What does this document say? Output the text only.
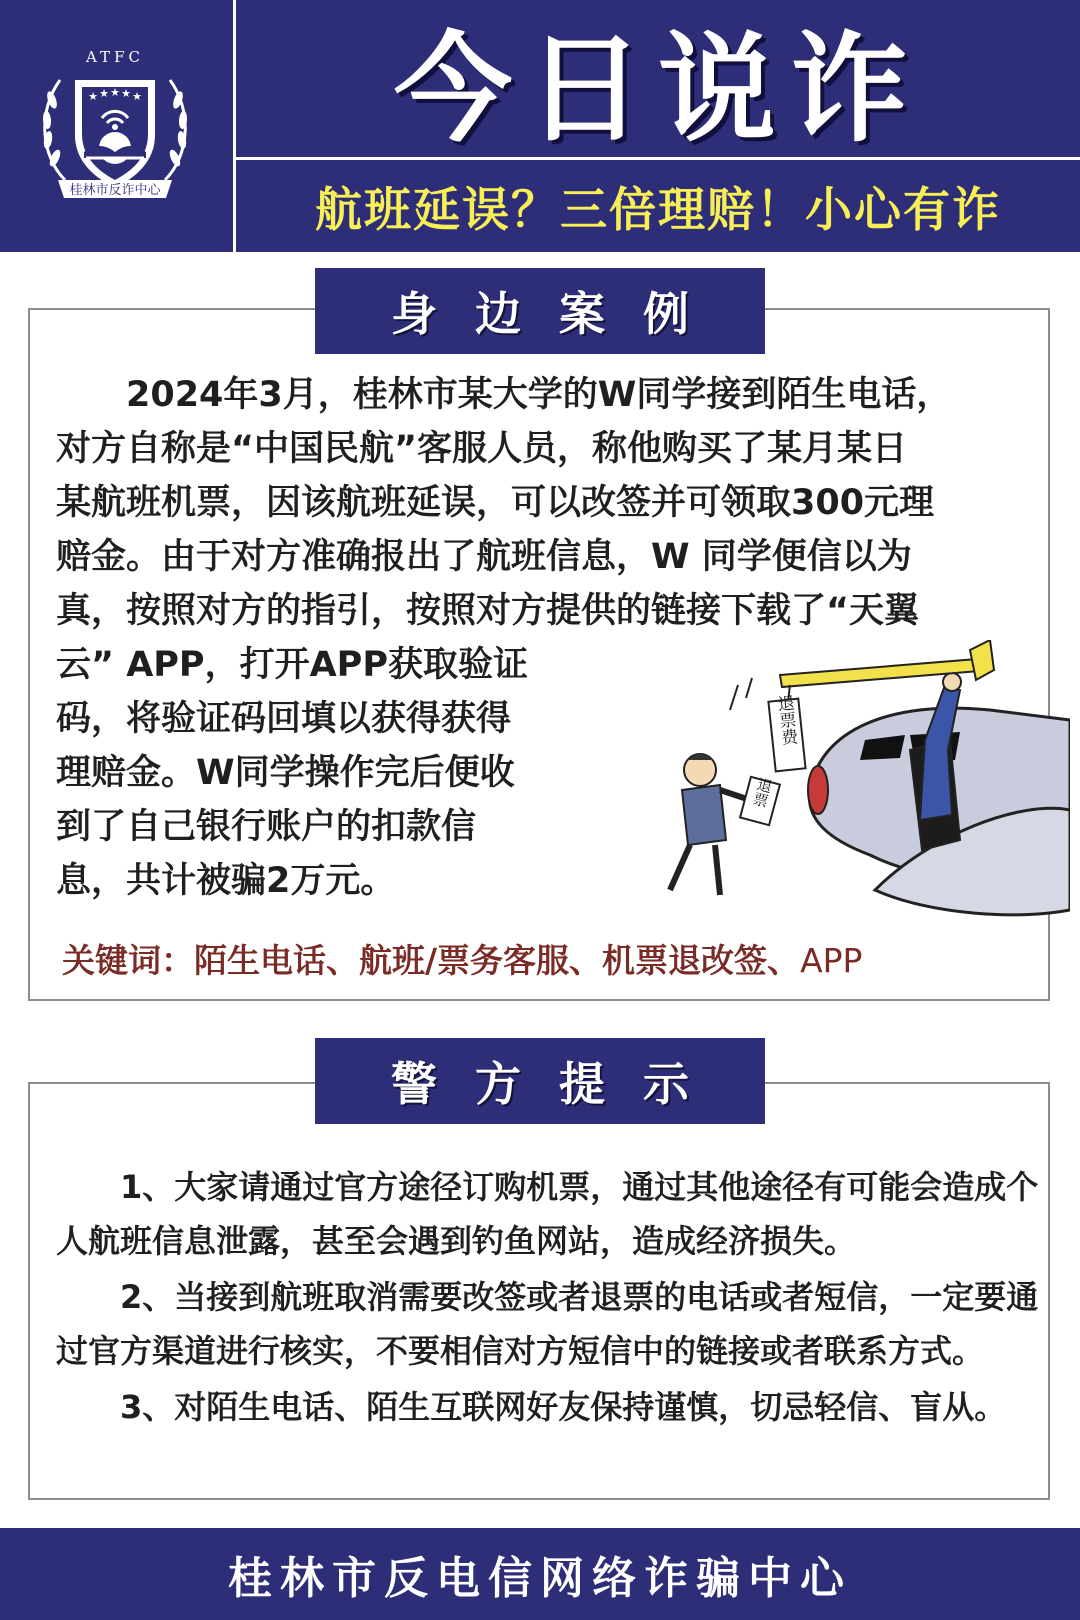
★ ★ ★ ★ ★
桂林市反诈中心
ATFC 今日说诈
航班延误？三倍理赔！小心有诈
身边案例
　　2024年3月，桂林市某大学的W同学接到陌生电话，
对方自称是“中国民航”客服人员，称他购买了某月某日
某航班机票，因该航班延误，可以改签并可领取300元理
赔金。由于对方准确报出了航班信息，W 同学便信以为
真，按照对方的指引，按照对方提供的链接下载了“天翼
云” APP，打开APP获取验证
码，将验证码回填以获得获得
理赔金。W同学操作完后便收
到了自己银行账户的扣款信
息，共计被骗2万元。
退票费
退票
关键词：陌生电话、航班/票务客服、机票退改签、APP
警方提示

1、大家请通过官方途径订购机票，通过其他途径有可能会造成个人航班信息泄露，甚至会遇到钓鱼网站，造成经济损失。

2、当接到航班取消需要改签或者退票的电话或者短信，一定要通过官方渠道进行核实，不要相信对方短信中的链接或者联系方式。

3、对陌生电话、陌生互联网好友保持谨慎，切忌轻信、盲从。

桂林市反电信网络诈骗中心
